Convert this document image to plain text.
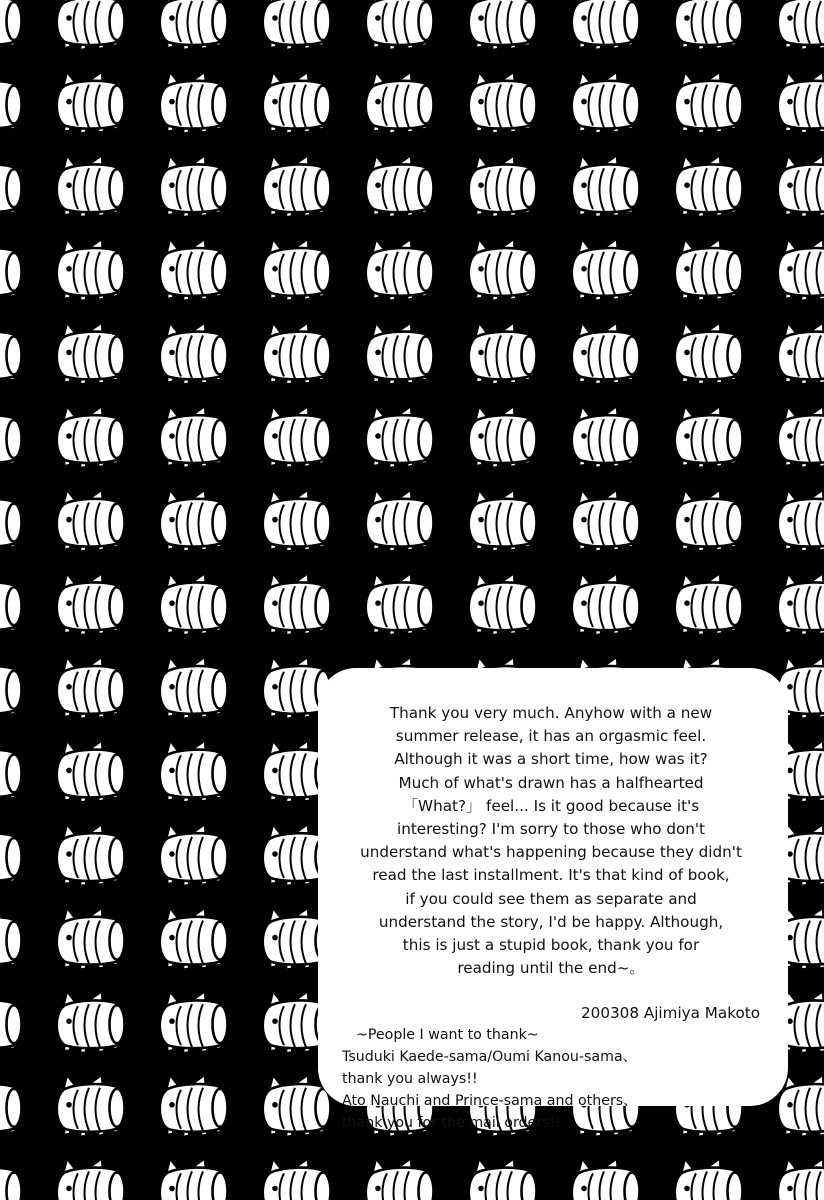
Thank you very much. Anyhow with a new
summer release, it has an orgasmic feel.
Although it was a short time, how was it?
Much of what's drawn has a halfhearted
「What?」 feel... Is it good because it's
interesting? I'm sorry to those who don't
understand what's happening because they didn't
read the last installment. It's that kind of book,
if you could see them as separate and
understand the story, I'd be happy. Although,
this is just a stupid book, thank you for
reading until the end~。
200308 Ajimiya Makoto
~People I want to thank~
Tsuduki Kaede-sama/Oumi Kanou-sama、
thank you always!!
Ato Nauchi and Prince-sama and others、
thank you for the mail orders!!
